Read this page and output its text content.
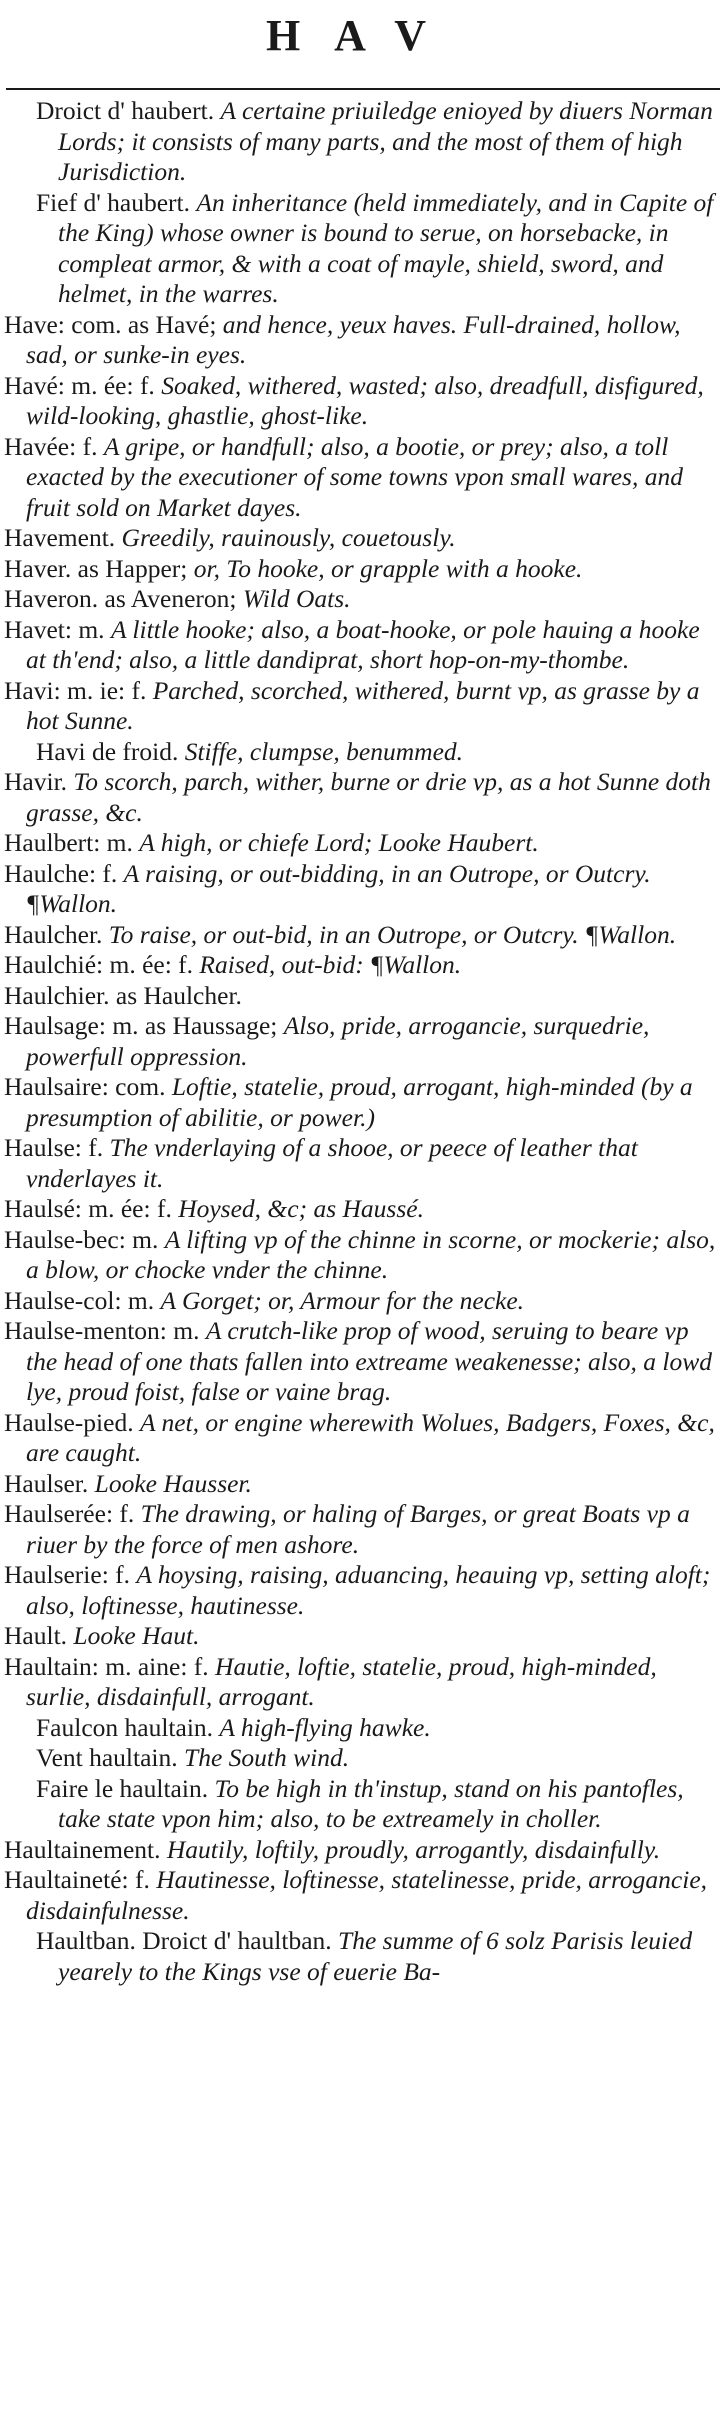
HAV

Droict d' haubert. A certaine priuiledge enioyed by diuers Norman Lords; it consists of many parts, and the most of them of high Jurisdiction.

Fief d' haubert. An inheritance (held immediately, and in Capite of the King) whose owner is bound to serue, on horsebacke, in compleat armor, & with a coat of mayle, shield, sword, and helmet, in the warres.

Have: com. as Havé; and hence, yeux haves. Full-drained, hollow, sad, or sunke-in eyes.

Havé: m. ée: f. Soaked, withered, wasted; also, dreadfull, disfigured, wild-looking, ghastlie, ghost-like.

Havée: f. A gripe, or handfull; also, a bootie, or prey; also, a toll exacted by the executioner of some towns vpon small wares, and fruit sold on Market dayes.

Havement. Greedily, rauinously, couetously.

Haver. as Happer; or, To hooke, or grapple with a hooke.

Haveron. as Aveneron; Wild Oats.

Havet: m. A little hooke; also, a boat-hooke, or pole hauing a hooke at th'end; also, a little dandiprat, short hop-on-my-thombe.

Havi: m. ie: f. Parched, scorched, withered, burnt vp, as grasse by a hot Sunne.

Havi de froid. Stiffe, clumpse, benummed.

Havir. To scorch, parch, wither, burne or drie vp, as a hot Sunne doth grasse, &c.

Haulbert: m. A high, or chiefe Lord; Looke Haubert.

Haulche: f. A raising, or out-bidding, in an Outrope, or Outcry. ¶Wallon.

Haulcher. To raise, or out-bid, in an Outrope, or Outcry. ¶Wallon.

Haulchié: m. ée: f. Raised, out-bid: ¶Wallon.

Haulchier. as Haulcher.

Haulsage: m. as Haussage; Also, pride, arrogancie, surquedrie, powerfull oppression.

Haulsaire: com. Loftie, statelie, proud, arrogant, high-minded (by a presumption of abilitie, or power.)

Haulse: f. The vnderlaying of a shooe, or peece of leather that vnderlayes it.

Haulsé: m. ée: f. Hoysed, &c; as Haussé.

Haulse-bec: m. A lifting vp of the chinne in scorne, or mockerie; also, a blow, or chocke vnder the chinne.

Haulse-col: m. A Gorget; or, Armour for the necke.

Haulse-menton: m. A crutch-like prop of wood, seruing to beare vp the head of one thats fallen into extreame weakenesse; also, a lowd lye, proud foist, false or vaine brag.

Haulse-pied. A net, or engine wherewith Wolues, Badgers, Foxes, &c, are caught.

Haulser. Looke Hausser.

Haulserée: f. The drawing, or haling of Barges, or great Boats vp a riuer by the force of men ashore.

Haulserie: f. A hoysing, raising, aduancing, heauing vp, setting aloft; also, loftinesse, hautinesse.

Hault. Looke Haut.

Haultain: m. aine: f. Hautie, loftie, statelie, proud, high-minded, surlie, disdainfull, arrogant.

Faulcon haultain. A high-flying hawke.

Vent haultain. The South wind.

Faire le haultain. To be high in th'instup, stand on his pantofles, take state vpon him; also, to be extreamely in choller.

Haultainement. Hautily, loftily, proudly, arrogantly, disdainfully.

Haultaineté: f. Hautinesse, loftinesse, statelinesse, pride, arrogancie, disdainfulnesse.

Haultban. Droict d' haultban. The summe of 6 solz Parisis leuied yearely to the Kings vse of euerie Ba-
